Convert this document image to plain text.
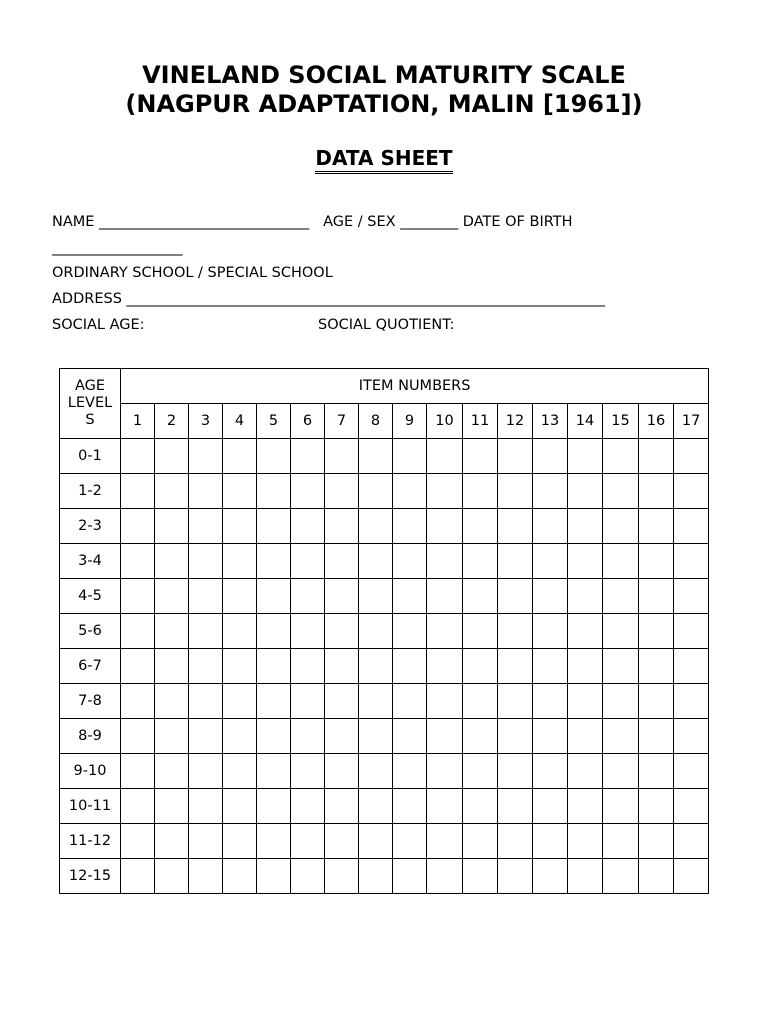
VINELAND SOCIAL MATURITY SCALE
(NAGPUR ADAPTATION, MALIN [1961])
DATA SHEET
NAME _____________________________   AGE / SEX ________ DATE OF BIRTH
__________________
ORDINARY SCHOOL / SPECIAL SCHOOL
ADDRESS __________________________________________________________________
SOCIAL AGE:	SOCIAL QUOTIENT:
AGE
LEVEL
S	ITEM NUMBERS																
	1	2	3	4	5	6	7	8	9	10	11	12	13	14	15	16	17
0-1																	
1-2																	
2-3																	
3-4																	
4-5																	
5-6																	
6-7																	
7-8																	
8-9																	
9-10																	
10-11																	
11-12																	
12-15																	
